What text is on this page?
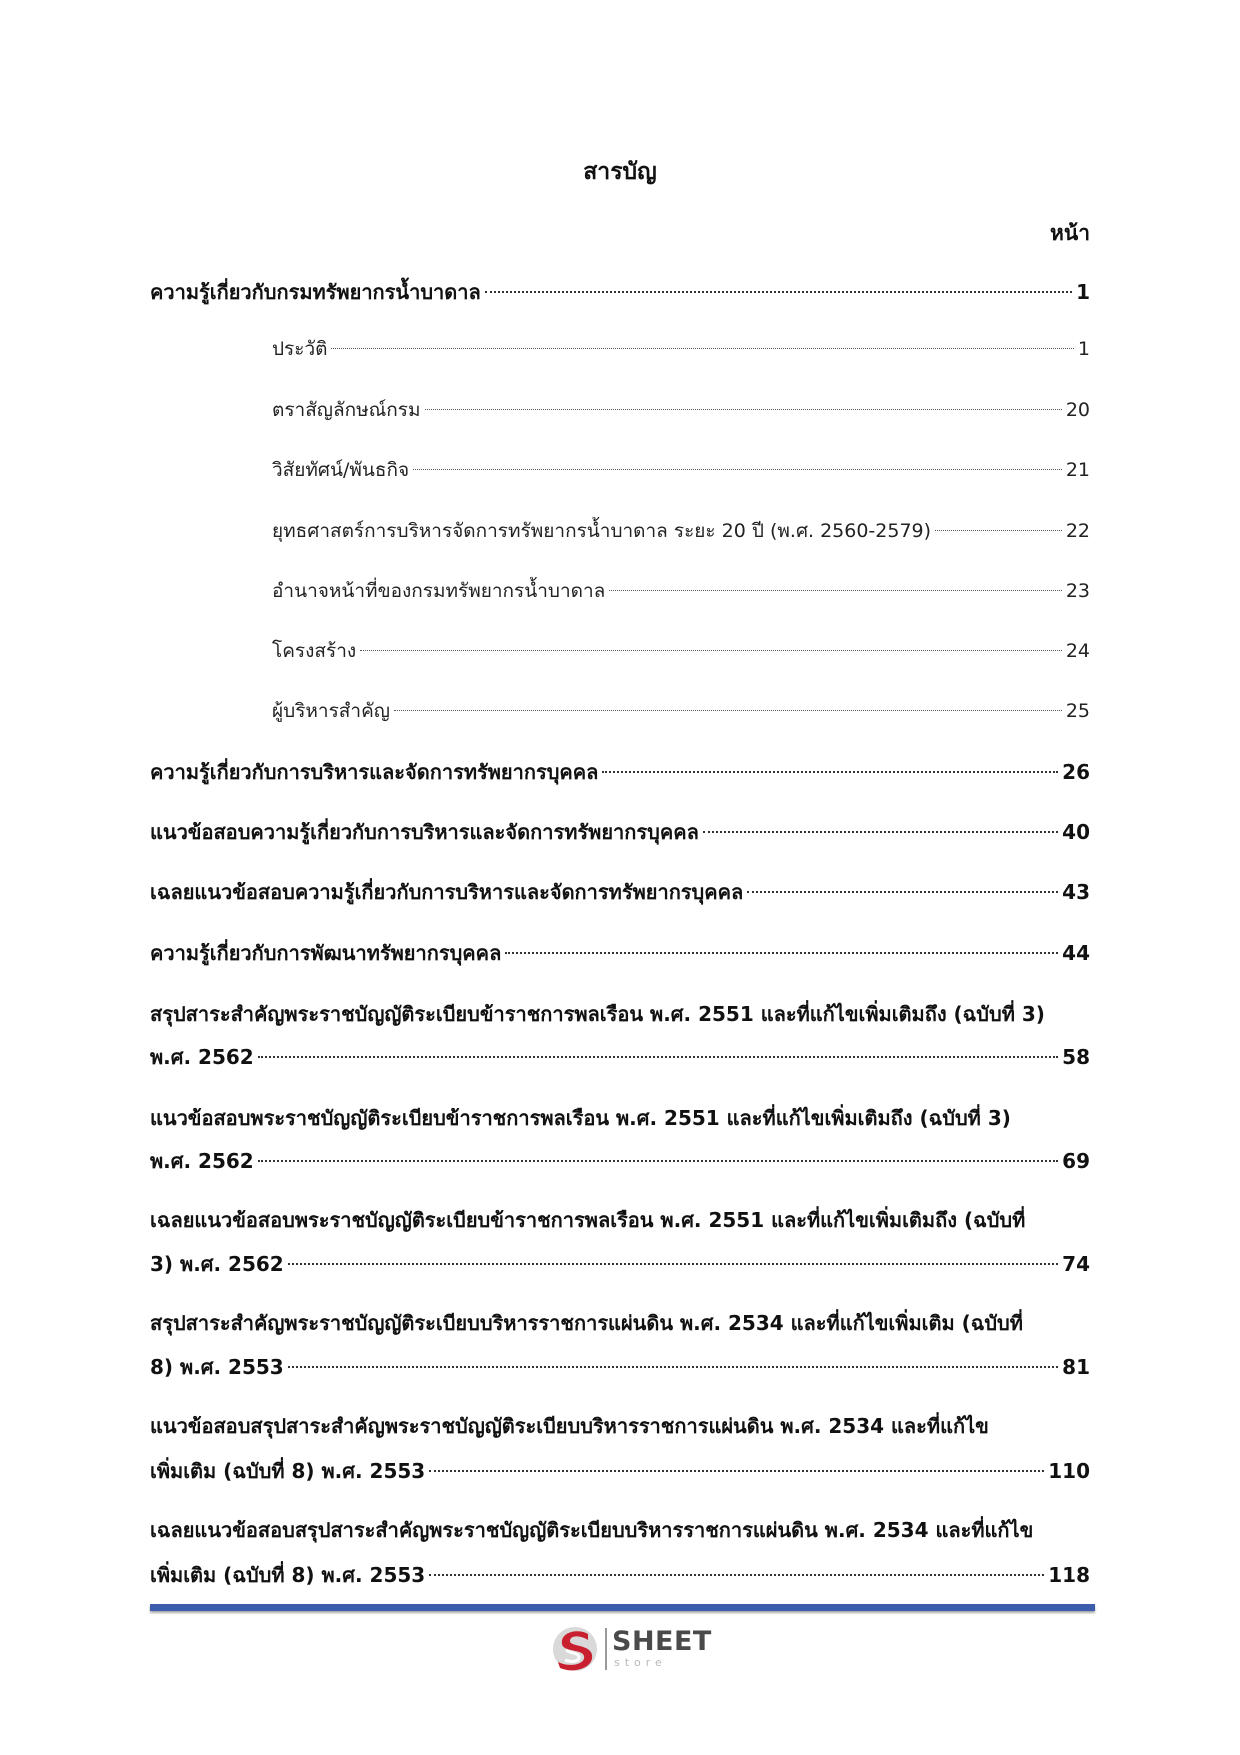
สารบัญ
หน้า
ความรู้เกี่ยวกับกรมทรัพยากรน้ำบาดาล	1
ประวัติ	1
ตราสัญลักษณ์กรม	20
วิสัยทัศน์/พันธกิจ	21
ยุทธศาสตร์การบริหารจัดการทรัพยากรน้ำบาดาล ระยะ 20 ปี (พ.ศ. 2560-2579)	22
อำนาจหน้าที่ของกรมทรัพยากรน้ำบาดาล	23
โครงสร้าง	24
ผู้บริหารสำคัญ	25
ความรู้เกี่ยวกับการบริหารและจัดการทรัพยากรบุคคล	26
แนวข้อสอบความรู้เกี่ยวกับการบริหารและจัดการทรัพยากรบุคคล	40
เฉลยแนวข้อสอบความรู้เกี่ยวกับการบริหารและจัดการทรัพยากรบุคคล	43
ความรู้เกี่ยวกับการพัฒนาทรัพยากรบุคคล	44
สรุปสาระสำคัญพระราชบัญญัติระเบียบข้าราชการพลเรือน พ.ศ. 2551 และที่แก้ไขเพิ่มเติมถึง (ฉบับที่ 3)
พ.ศ. 2562	58
แนวข้อสอบพระราชบัญญัติระเบียบข้าราชการพลเรือน พ.ศ. 2551 และที่แก้ไขเพิ่มเติมถึง (ฉบับที่ 3)
พ.ศ. 2562	69
เฉลยแนวข้อสอบพระราชบัญญัติระเบียบข้าราชการพลเรือน พ.ศ. 2551 และที่แก้ไขเพิ่มเติมถึง (ฉบับที่
3) พ.ศ. 2562	74
สรุปสาระสำคัญพระราชบัญญัติระเบียบบริหารราชการแผ่นดิน พ.ศ. 2534 และที่แก้ไขเพิ่มเติม (ฉบับที่
8) พ.ศ. 2553	81
แนวข้อสอบสรุปสาระสำคัญพระราชบัญญัติระเบียบบริหารราชการแผ่นดิน พ.ศ. 2534 และที่แก้ไข
เพิ่มเติม (ฉบับที่ 8) พ.ศ. 2553	110
เฉลยแนวข้อสอบสรุปสาระสำคัญพระราชบัญญัติระเบียบบริหารราชการแผ่นดิน พ.ศ. 2534 และที่แก้ไข
เพิ่มเติม (ฉบับที่ 8) พ.ศ. 2553	118
SHEET
store
